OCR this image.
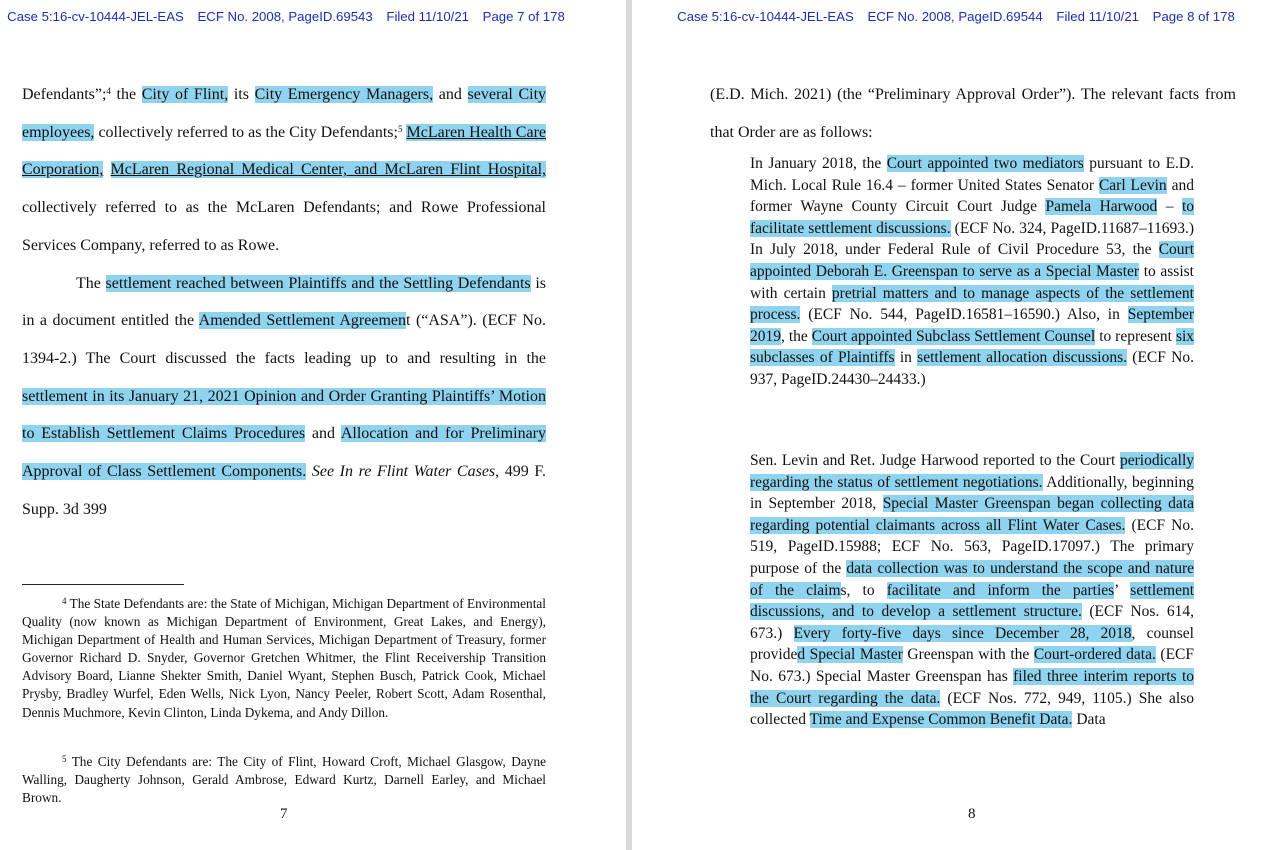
Case 5:16-cv-10444-JEL-EAS ECF No. 2008, PageID.69543 Filed 11/10/21 Page 7 of 178

Defendants”;$^4$ the City of Flint, its City Emergency Managers, and several City employees, collectively referred to as the City Defendants;$^5$ McLaren Health Care Corporation, McLaren Regional Medical Center, and McLaren Flint Hospital, collectively referred to as the McLaren Defendants; and Rowe Professional Services Company, referred to as Rowe.

The settlement reached between Plaintiffs and the Settling Defendants is in a document entitled the Amended Settlement Agreement (“ASA”). (ECF No. 1394-2.) The Court discussed the facts leading up to and resulting in the settlement in its January 21, 2021 Opinion and Order Granting Plaintiffs’ Motion to Establish Settlement Claims Procedures and Allocation and for Preliminary Approval of Class Settlement Components. See In re Flint Water Cases, 499 F. Supp. 3d 399

$^4$ The State Defendants are: the State of Michigan, Michigan Department of Environmental Quality (now known as Michigan Department of Environment, Great Lakes, and Energy), Michigan Department of Health and Human Services, Michigan Department of Treasury, former Governor Richard D. Snyder, Governor Gretchen Whitmer, the Flint Receivership Transition Advisory Board, Lianne Shekter Smith, Daniel Wyant, Stephen Busch, Patrick Cook, Michael Prysby, Bradley Wurfel, Eden Wells, Nick Lyon, Nancy Peeler, Robert Scott, Adam Rosenthal, Dennis Muchmore, Kevin Clinton, Linda Dykema, and Andy Dillon.
$^5$ The City Defendants are: The City of Flint, Howard Croft, Michael Glasgow, Dayne Walling, Daugherty Johnson, Gerald Ambrose, Edward Kurtz, Darnell Earley, and Michael Brown.
7
Case 5:16-cv-10444-JEL-EAS ECF No. 2008, PageID.69544 Filed 11/10/21 Page 8 of 178
(E.D. Mich. 2021) (the “Preliminary Approval Order”). The relevant facts from that Order are as follows:
In January 2018, the Court appointed two mediators pursuant to E.D. Mich. Local Rule 16.4 – former United States Senator Carl Levin and former Wayne County Circuit Court Judge Pamela Harwood – to facilitate settlement discussions. (ECF No. 324, PageID.11687–11693.) In July 2018, under Federal Rule of Civil Procedure 53, the Court appointed Deborah E. Greenspan to serve as a Special Master to assist with certain pretrial matters and to manage aspects of the settlement process. (ECF No. 544, PageID.16581–16590.) Also, in September 2019, the Court appointed Subclass Settlement Counsel to represent six subclasses of Plaintiffs in settlement allocation discussions. (ECF No. 937, PageID.24430–24433.)
Sen. Levin and Ret. Judge Harwood reported to the Court periodically regarding the status of settlement negotiations. Additionally, beginning in September 2018, Special Master Greenspan began collecting data regarding potential claimants across all Flint Water Cases. (ECF No. 519, PageID.15988; ECF No. 563, PageID.17097.) The primary purpose of the data collection was to understand the scope and nature of the claims, to facilitate and inform the parties’ settlement discussions, and to develop a settlement structure. (ECF Nos. 614, 673.) Every forty-five days since December 28, 2018, counsel provided Special Master Greenspan with the Court-ordered data. (ECF No. 673.) Special Master Greenspan has filed three interim reports to the Court regarding the data. (ECF Nos. 772, 949, 1105.) She also collected Time and Expense Common Benefit Data. Data
8
